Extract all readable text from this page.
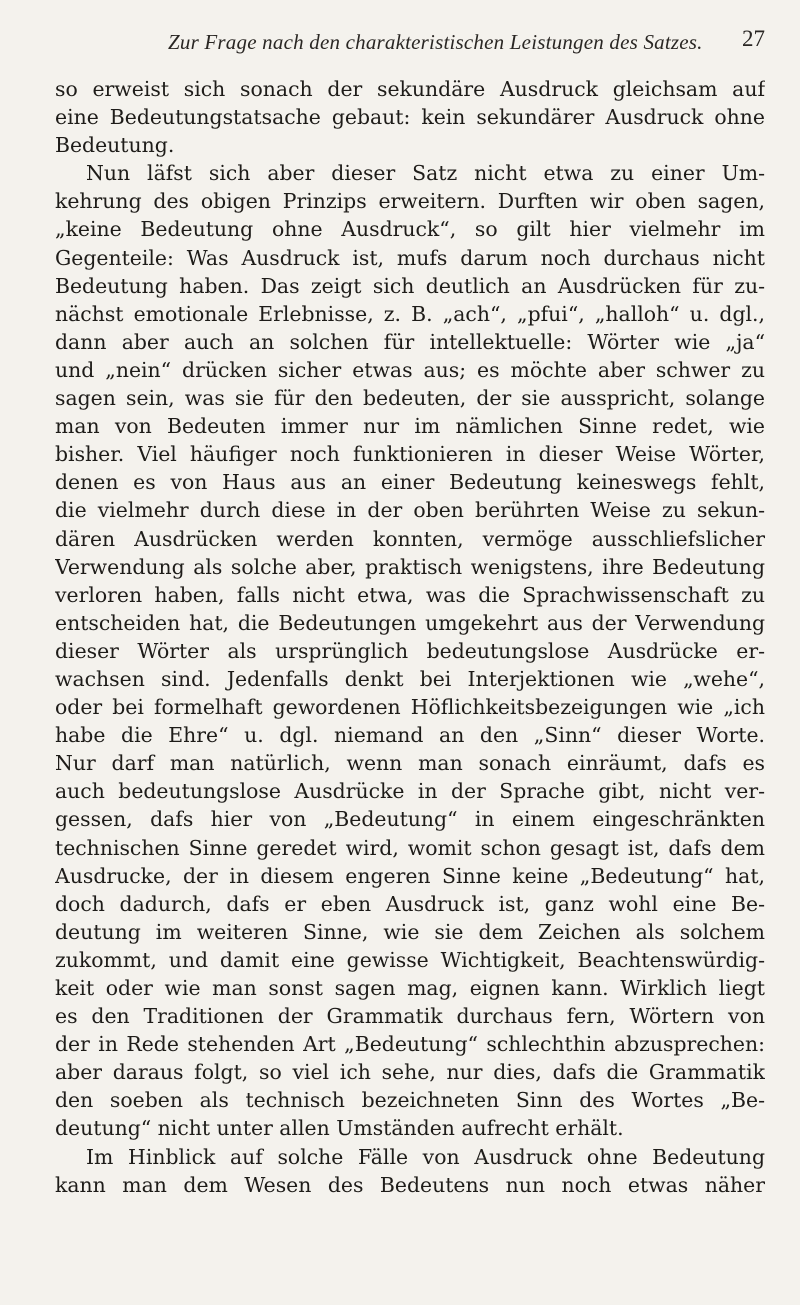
Zur Frage nach den charakteristischen Leistungen des Satzes. 27
so erweist sich sonach der sekundäre Ausdruck gleichsam auf
eine Bedeutungstatsache gebaut: kein sekundärer Ausdruck ohne
Bedeutung.
Nun läfst sich aber dieser Satz nicht etwa zu einer Um-
kehrung des obigen Prinzips erweitern. Durften wir oben sagen,
„keine Bedeutung ohne Ausdruck“, so gilt hier vielmehr im
Gegenteile: Was Ausdruck ist, mufs darum noch durchaus nicht
Bedeutung haben. Das zeigt sich deutlich an Ausdrücken für zu-
nächst emotionale Erlebnisse, z. B. „ach“, „pfui“, „halloh“ u. dgl.,
dann aber auch an solchen für intellektuelle: Wörter wie „ja“
und „nein“ drücken sicher etwas aus; es möchte aber schwer zu
sagen sein, was sie für den bedeuten, der sie ausspricht, solange
man von Bedeuten immer nur im nämlichen Sinne redet, wie
bisher. Viel häufiger noch funktionieren in dieser Weise Wörter,
denen es von Haus aus an einer Bedeutung keineswegs fehlt,
die vielmehr durch diese in der oben berührten Weise zu sekun-
dären Ausdrücken werden konnten, vermöge ausschliefslicher
Verwendung als solche aber, praktisch wenigstens, ihre Bedeutung
verloren haben, falls nicht etwa, was die Sprachwissenschaft zu
entscheiden hat, die Bedeutungen umgekehrt aus der Verwendung
dieser Wörter als ursprünglich bedeutungslose Ausdrücke er-
wachsen sind. Jedenfalls denkt bei Interjektionen wie „wehe“,
oder bei formelhaft gewordenen Höflichkeitsbezeigungen wie „ich
habe die Ehre“ u. dgl. niemand an den „Sinn“ dieser Worte.
Nur darf man natürlich, wenn man sonach einräumt, dafs es
auch bedeutungslose Ausdrücke in der Sprache gibt, nicht ver-
gessen, dafs hier von „Bedeutung“ in einem eingeschränkten
technischen Sinne geredet wird, womit schon gesagt ist, dafs dem
Ausdrucke, der in diesem engeren Sinne keine „Bedeutung“ hat,
doch dadurch, dafs er eben Ausdruck ist, ganz wohl eine Be-
deutung im weiteren Sinne, wie sie dem Zeichen als solchem
zukommt, und damit eine gewisse Wichtigkeit, Beachtenswürdig-
keit oder wie man sonst sagen mag, eignen kann. Wirklich liegt
es den Traditionen der Grammatik durchaus fern, Wörtern von
der in Rede stehenden Art „Bedeutung“ schlechthin abzusprechen:
aber daraus folgt, so viel ich sehe, nur dies, dafs die Grammatik
den soeben als technisch bezeichneten Sinn des Wortes „Be-
deutung“ nicht unter allen Umständen aufrecht erhält.
Im Hinblick auf solche Fälle von Ausdruck ohne Bedeutung
kann man dem Wesen des Bedeutens nun noch etwas näher
